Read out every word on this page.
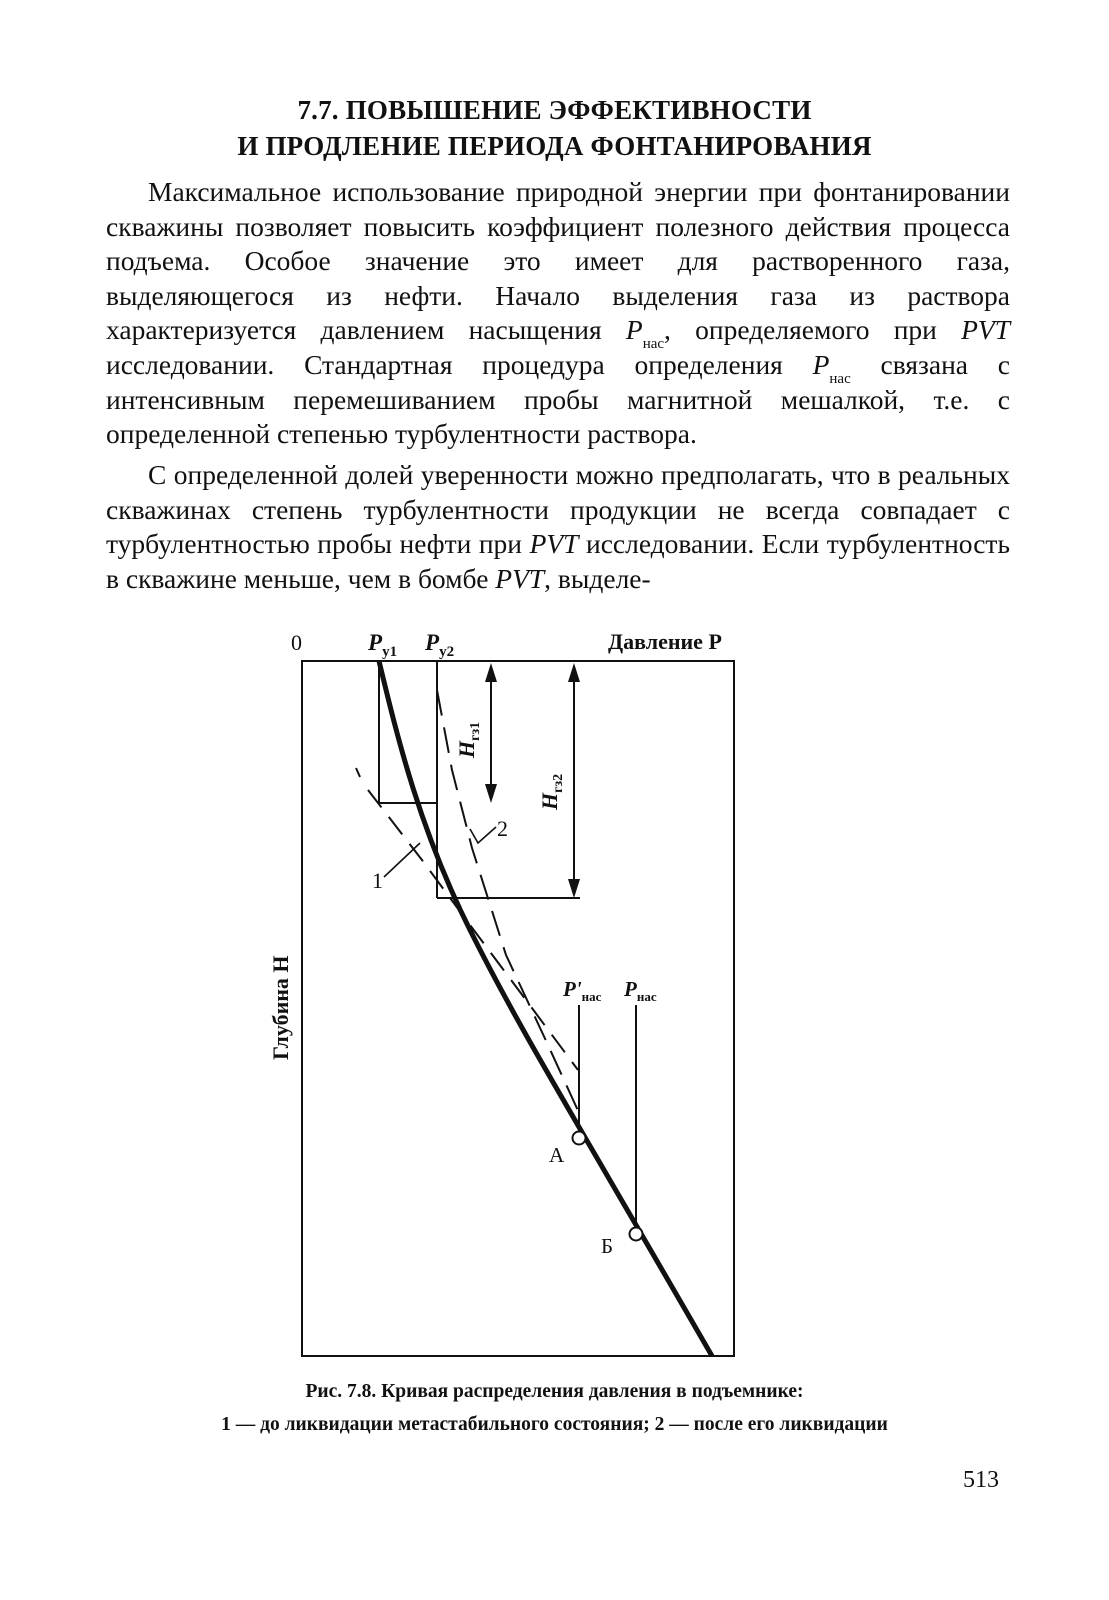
7.7. ПОВЫШЕНИЕ ЭФФЕКТИВНОСТИ
И ПРОДЛЕНИЕ ПЕРИОДА ФОНТАНИРОВАНИЯ

Максимальное использование природной энергии при фонтанировании скважины позволяет повысить коэффициент полезного действия процесса подъема. Особое значение это имеет для растворенного газа, выделяющегося из нефти. Начало выделения газа из раствора характеризуется давлением насыщения $P_{нас}$, определяемого при PVT исследовании. Стандартная процедура определения $P_{нас}$ связана с интенсивным перемешиванием пробы магнитной мешалкой, т.е. с определенной степенью турбулентности раствора.

С определенной долей уверенности можно предполагать, что в реальных скважинах степень турбулентности продукции не всегда совпадает с турбулентностью пробы нефти при PVT исследовании. Если турбулентность в скважине меньше, чем в бомбе PVT, выделе-

0	$P_{y1}$ $P_{y2}$	Давление P
Глубина H
$H_{гз1}$
$H_{гз2}$
1
2
$P'_{нас}$ $P_{нас}$
А
Б
Рис. 7.8. Кривая распределения давления в подъемнике:
1 — до ликвидации метастабильного состояния; 2 — после его ликвидации
513
